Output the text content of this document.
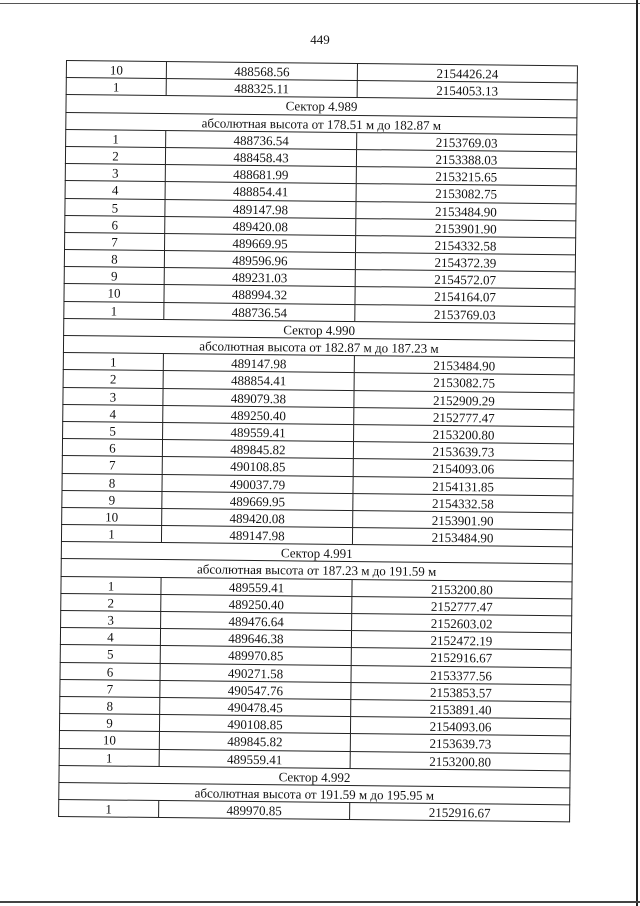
449
10	488568.56	2154426.24
1	488325.11	2154053.13
Сектор 4.989
абсолютная высота от 178.51 м до 182.87 м
1	488736.54	2153769.03
2	488458.43	2153388.03
3	488681.99	2153215.65
4	488854.41	2153082.75
5	489147.98	2153484.90
6	489420.08	2153901.90
7	489669.95	2154332.58
8	489596.96	2154372.39
9	489231.03	2154572.07
10	488994.32	2154164.07
1	488736.54	2153769.03
Сектор 4.990
абсолютная высота от 182.87 м до 187.23 м
1	489147.98	2153484.90
2	488854.41	2153082.75
3	489079.38	2152909.29
4	489250.40	2152777.47
5	489559.41	2153200.80
6	489845.82	2153639.73
7	490108.85	2154093.06
8	490037.79	2154131.85
9	489669.95	2154332.58
10	489420.08	2153901.90
1	489147.98	2153484.90
Сектор 4.991
абсолютная высота от 187.23 м до 191.59 м
1	489559.41	2153200.80
2	489250.40	2152777.47
3	489476.64	2152603.02
4	489646.38	2152472.19
5	489970.85	2152916.67
6	490271.58	2153377.56
7	490547.76	2153853.57
8	490478.45	2153891.40
9	490108.85	2154093.06
10	489845.82	2153639.73
1	489559.41	2153200.80
Сектор 4.992
абсолютная высота от 191.59 м до 195.95 м
1	489970.85	2152916.67
